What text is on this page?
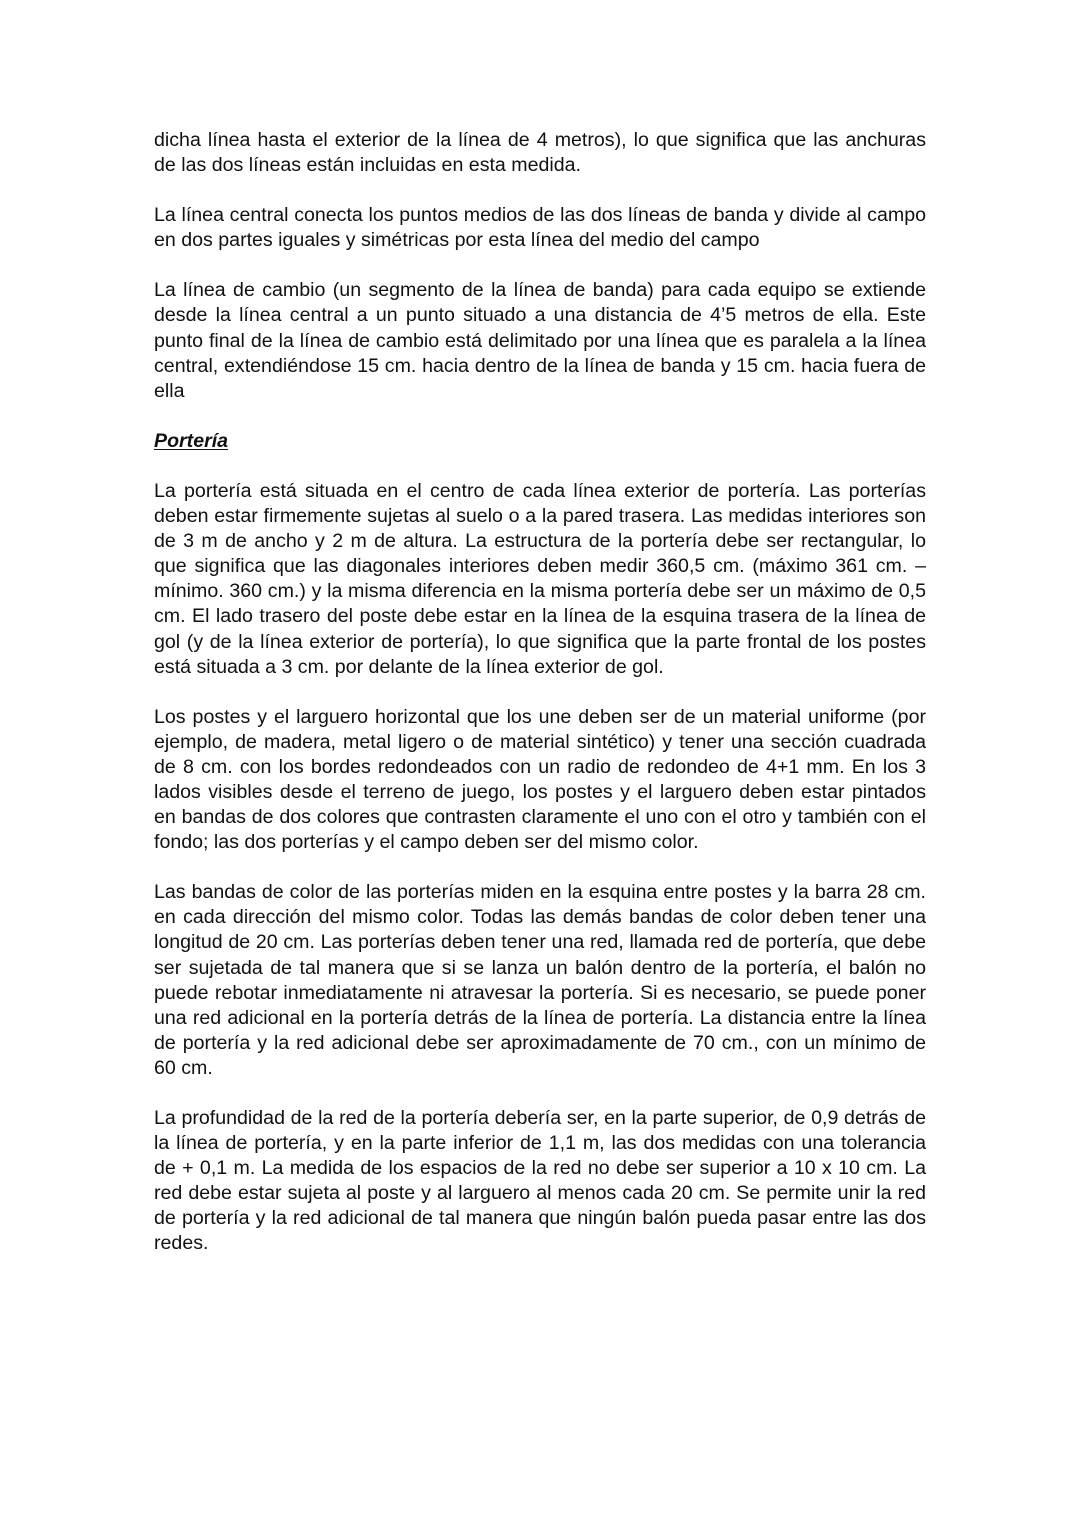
dicha línea hasta el exterior de la línea de 4 metros), lo que significa que las anchuras de las dos líneas están incluidas en esta medida.

La línea central conecta los puntos medios de las dos líneas de banda y divide al campo en dos partes iguales y simétricas por esta línea del medio del campo

La línea de cambio (un segmento de la línea de banda) para cada equipo se extiende desde la línea central a un punto situado a una distancia de 4’5 metros de ella. Este punto final de la línea de cambio está delimitado por una línea que es paralela a la línea central, extendiéndose 15 cm. hacia dentro de la línea de banda y 15 cm. hacia fuera de ella

Portería

La portería está situada en el centro de cada línea exterior de portería. Las porterías deben estar firmemente sujetas al suelo o a la pared trasera. Las medidas interiores son de 3 m de ancho y 2 m de altura. La estructura de la portería debe ser rectangular, lo que significa que las diagonales interiores deben medir 360,5 cm. (máximo 361 cm. – mínimo. 360 cm.) y la misma diferencia en la misma portería debe ser un máximo de 0,5 cm. El lado trasero del poste debe estar en la línea de la esquina trasera de la línea de gol (y de la línea exterior de portería), lo que significa que la parte frontal de los postes está situada a 3 cm. por delante de la línea exterior de gol.

Los postes y el larguero horizontal que los une deben ser de un material uniforme (por ejemplo, de madera, metal ligero o de material sintético) y tener una sección cuadrada de 8 cm. con los bordes redondeados con un radio de redondeo de 4+1 mm. En los 3 lados visibles desde el terreno de juego, los postes y el larguero deben estar pintados en bandas de dos colores que contrasten claramente el uno con el otro y también con el fondo; las dos porterías y el campo deben ser del mismo color.

Las bandas de color de las porterías miden en la esquina entre postes y la barra 28 cm. en cada dirección del mismo color. Todas las demás bandas de color deben tener una longitud de 20 cm. Las porterías deben tener una red, llamada red de portería, que debe ser sujetada de tal manera que si se lanza un balón dentro de la portería, el balón no puede rebotar inmediatamente ni atravesar la portería. Si es necesario, se puede poner una red adicional en la portería detrás de la línea de portería. La distancia entre la línea de portería y la red adicional debe ser aproximadamente de 70 cm., con un mínimo de 60 cm.

La profundidad de la red de la portería debería ser, en la parte superior, de 0,9 detrás de la línea de portería, y en la parte inferior de 1,1 m, las dos medidas con una tolerancia de + 0,1 m. La medida de los espacios de la red no debe ser superior a 10 x 10 cm. La red debe estar sujeta al poste y al larguero al menos cada 20 cm. Se permite unir la red de portería y la red adicional de tal manera que ningún balón pueda pasar entre las dos redes.
